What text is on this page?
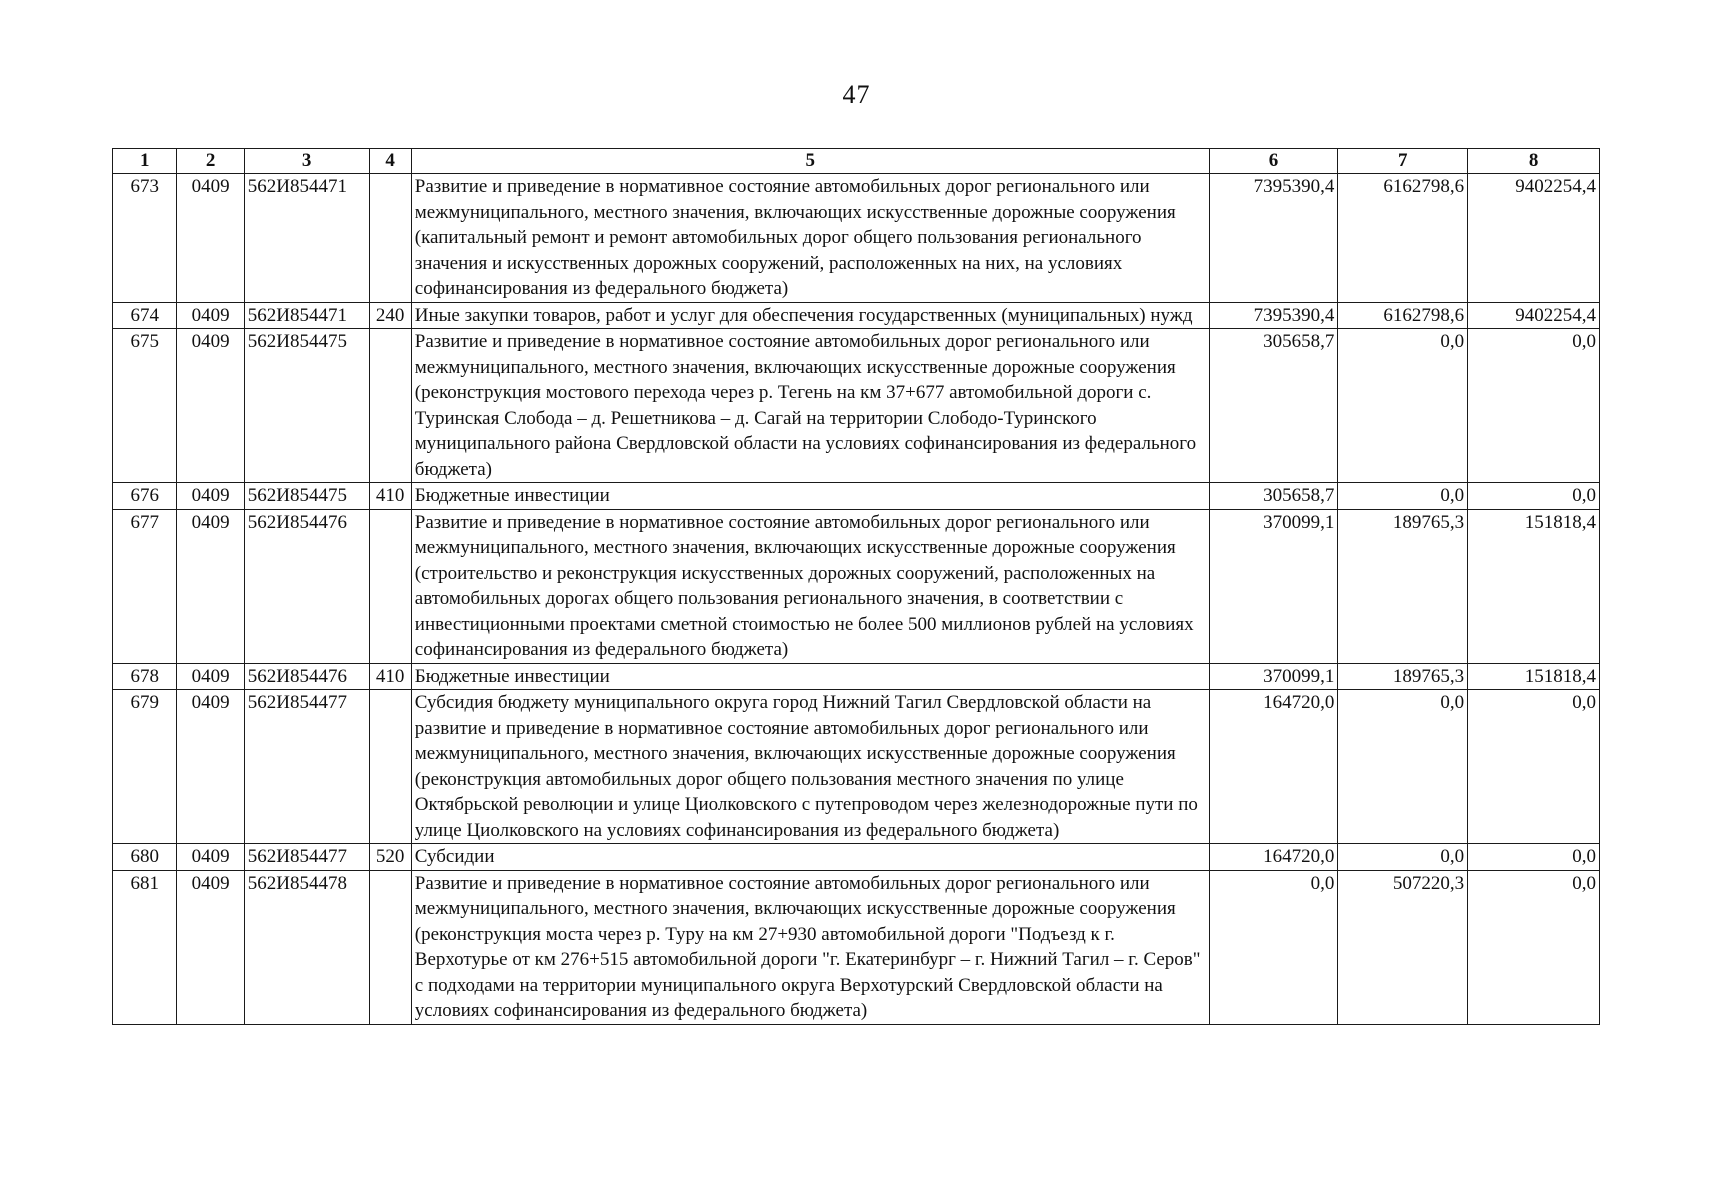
47
1	2	3	4	5	6	7	8
673	0409	562И854471		Развитие и приведение в нормативное состояние автомобильных дорог регионального или межмуниципального, местного значения, включающих искусственные дорожные сооружения (капитальный ремонт и ремонт автомобильных дорог общего пользования регионального значения и искусственных дорожных сооружений, расположенных на них, на условиях софинансирования из федерального бюджета)	7395390,4	6162798,6	9402254,4
674	0409	562И854471	240	Иные закупки товаров, работ и услуг для обеспечения государственных (муниципальных) нужд	7395390,4	6162798,6	9402254,4
675	0409	562И854475		Развитие и приведение в нормативное состояние автомобильных дорог регионального или межмуниципального, местного значения, включающих искусственные дорожные сооружения (реконструкция мостового перехода через р. Тегень на км 37+677 автомобильной дороги с. Туринская Слобода – д. Решетникова – д. Сагай на территории Слободо-Туринского муниципального района Свердловской области на условиях софинансирования из федерального бюджета)	305658,7	0,0	0,0
676	0409	562И854475	410	Бюджетные инвестиции	305658,7	0,0	0,0
677	0409	562И854476		Развитие и приведение в нормативное состояние автомобильных дорог регионального или межмуниципального, местного значения, включающих искусственные дорожные сооружения (строительство и реконструкция искусственных дорожных сооружений, расположенных на автомобильных дорогах общего пользования регионального значения, в соответствии с инвестиционными проектами сметной стоимостью не более 500 миллионов рублей на условиях софинансирования из федерального бюджета)	370099,1	189765,3	151818,4
678	0409	562И854476	410	Бюджетные инвестиции	370099,1	189765,3	151818,4
679	0409	562И854477		Субсидия бюджету муниципального округа город Нижний Тагил Свердловской области на развитие и приведение в нормативное состояние автомобильных дорог регионального или межмуниципального, местного значения, включающих искусственные дорожные сооружения (реконструкция автомобильных дорог общего пользования местного значения по улице Октябрьской революции и улице Циолковского с путепроводом через железнодорожные пути по улице Циолковского на условиях софинансирования из федерального бюджета)	164720,0	0,0	0,0
680	0409	562И854477	520	Субсидии	164720,0	0,0	0,0
681	0409	562И854478		Развитие и приведение в нормативное состояние автомобильных дорог регионального или межмуниципального, местного значения, включающих искусственные дорожные сооружения (реконструкция моста через р. Туру на км 27+930 автомобильной дороги "Подъезд к г. Верхотурье от км 276+515 автомобильной дороги "г. Екатеринбург – г. Нижний Тагил – г. Серов" с подходами на территории муниципального округа Верхотурский Свердловской области на условиях софинансирования из федерального бюджета)	0,0	507220,3	0,0
